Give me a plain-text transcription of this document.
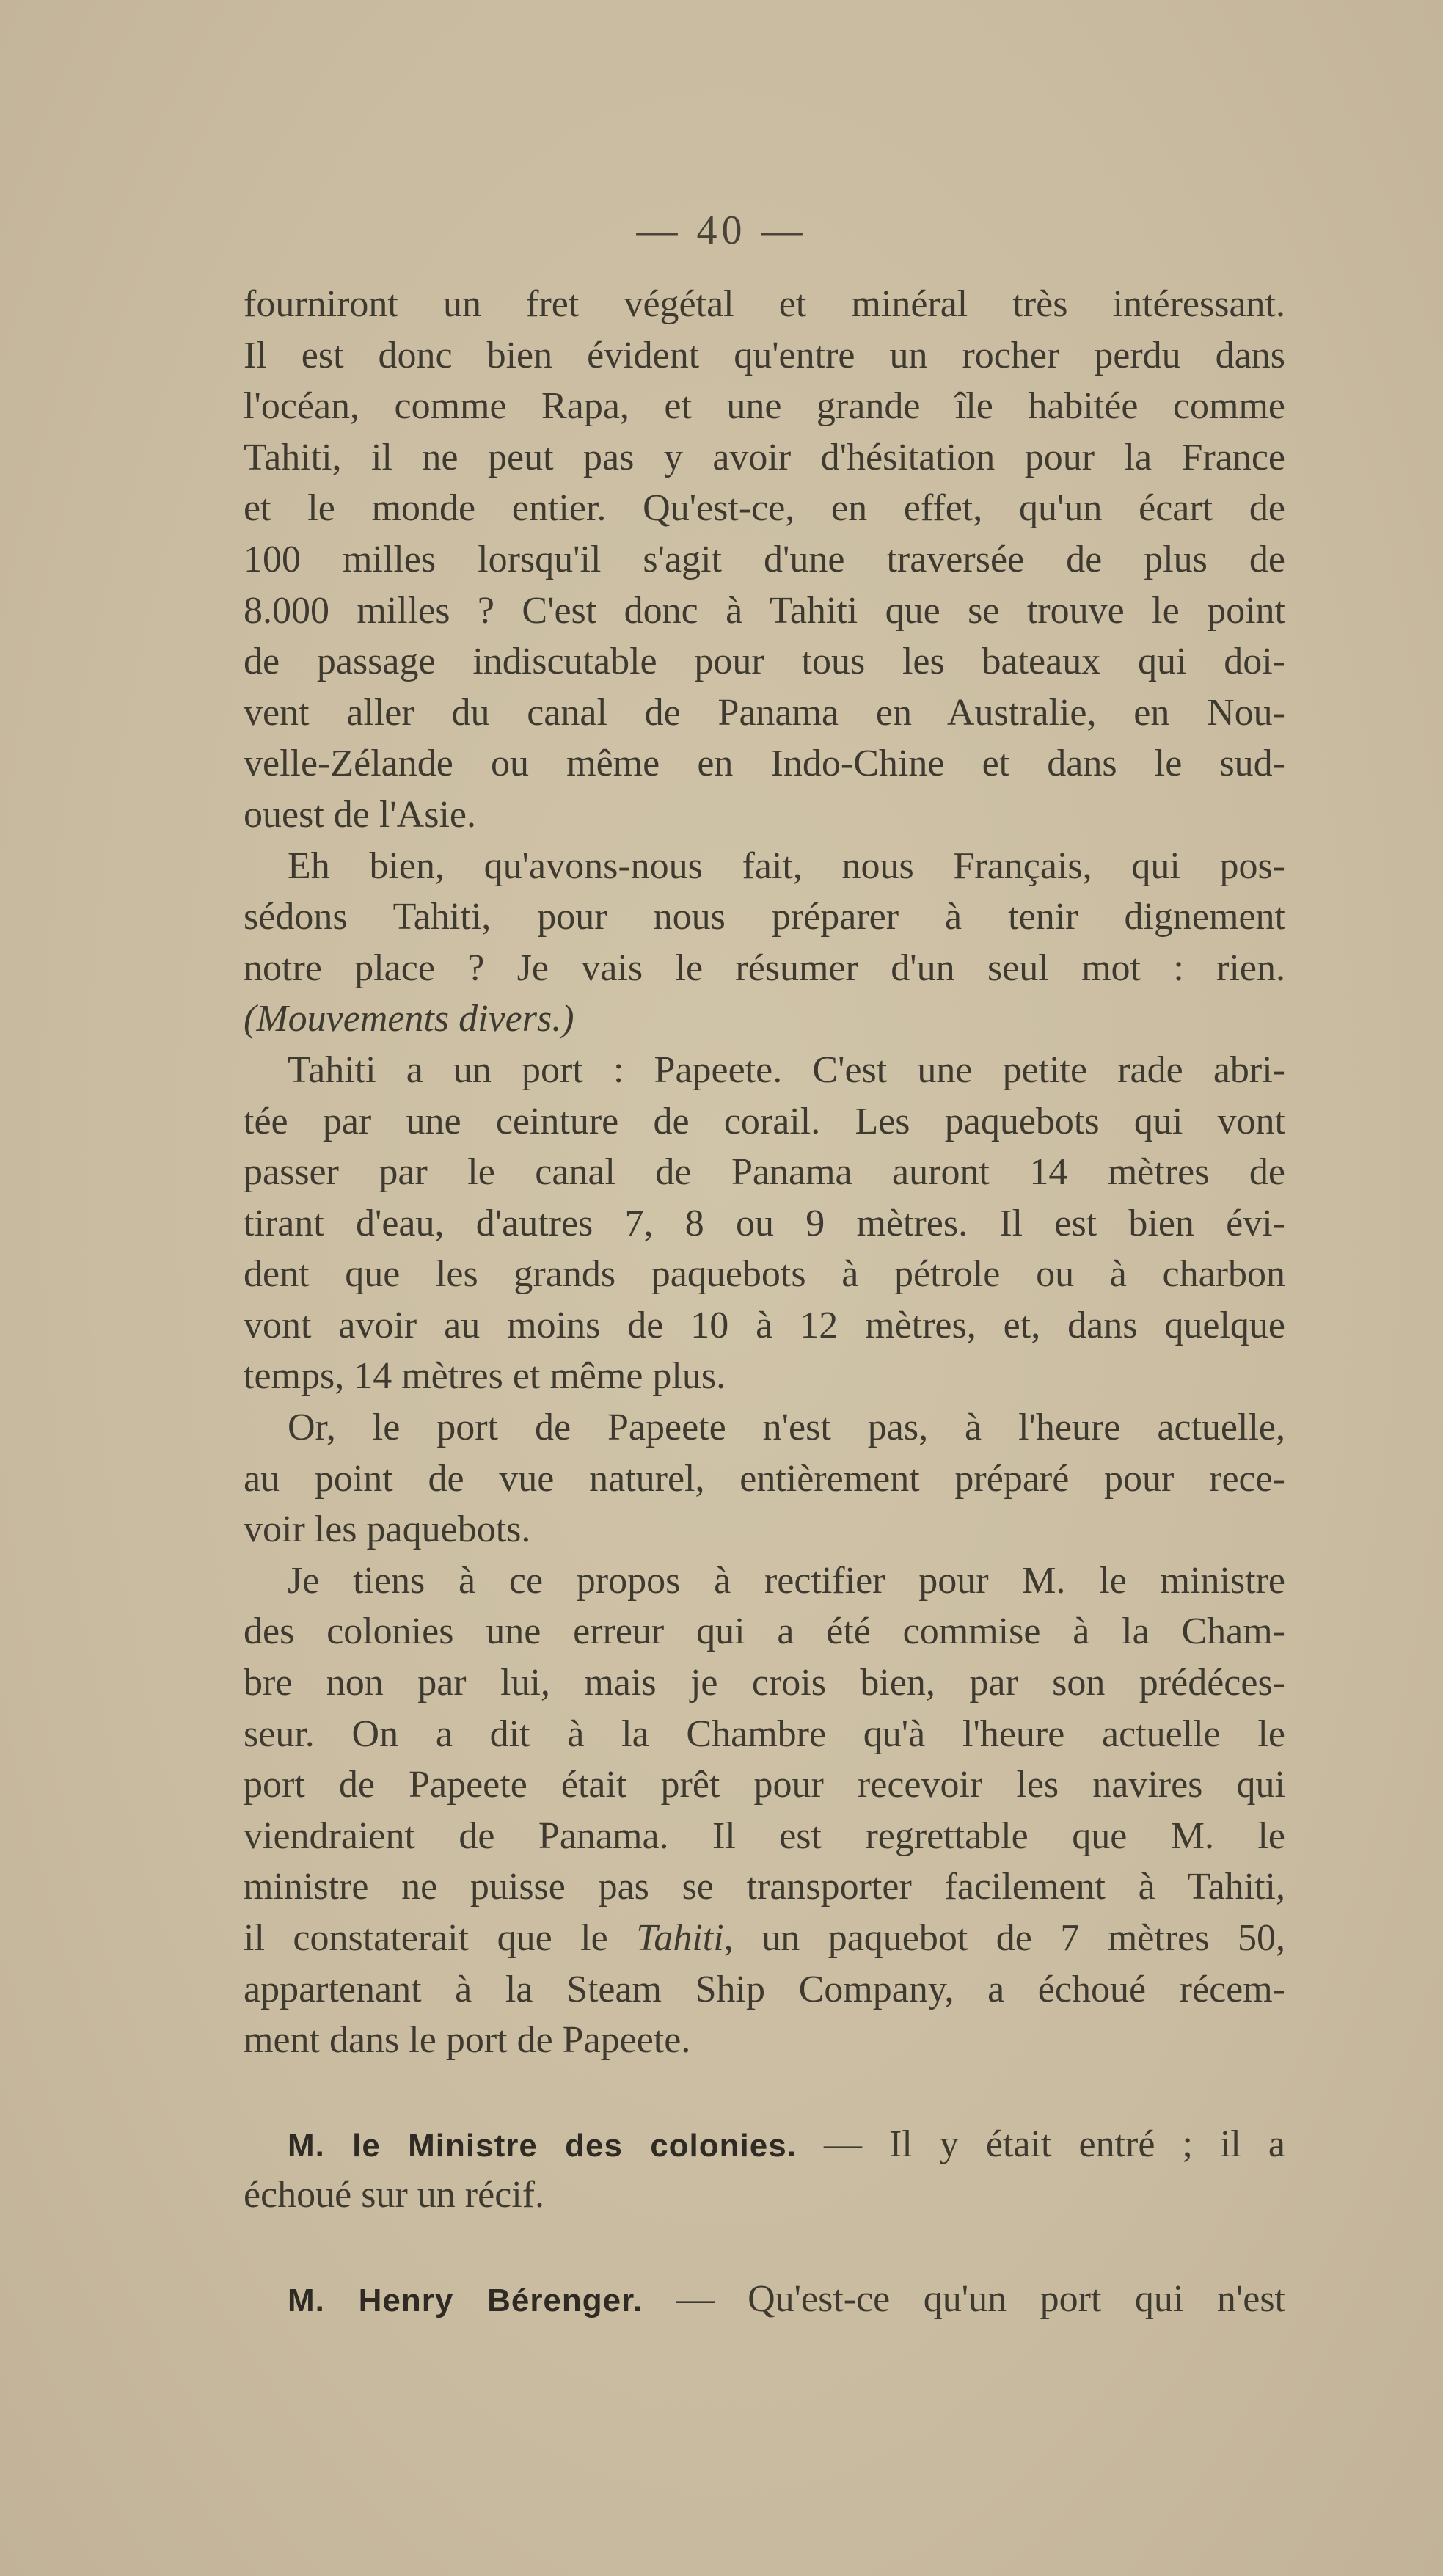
— 40 —
fourniront un fret végétal et minéral très intéressant.
Il est donc bien évident qu'entre un rocher perdu dans
l'océan, comme Rapa, et une grande île habitée comme
Tahiti, il ne peut pas y avoir d'hésitation pour la France
et le monde entier. Qu'est-ce, en effet, qu'un écart de
100 milles lorsqu'il s'agit d'une traversée de plus de
8.000 milles ? C'est donc à Tahiti que se trouve le point
de passage indiscutable pour tous les bateaux qui doi-
vent aller du canal de Panama en Australie, en Nou-
velle-Zélande ou même en Indo-Chine et dans le sud-
ouest de l'Asie.
Eh bien, qu'avons-nous fait, nous Français, qui pos-
sédons Tahiti, pour nous préparer à tenir dignement
notre place ? Je vais le résumer d'un seul mot : rien.
(Mouvements divers.)
Tahiti a un port : Papeete. C'est une petite rade abri-
tée par une ceinture de corail. Les paquebots qui vont
passer par le canal de Panama auront 14 mètres de
tirant d'eau, d'autres 7, 8 ou 9 mètres. Il est bien évi-
dent que les grands paquebots à pétrole ou à charbon
vont avoir au moins de 10 à 12 mètres, et, dans quelque
temps, 14 mètres et même plus.
Or, le port de Papeete n'est pas, à l'heure actuelle,
au point de vue naturel, entièrement préparé pour rece-
voir les paquebots.
Je tiens à ce propos à rectifier pour M. le ministre
des colonies une erreur qui a été commise à la Cham-
bre non par lui, mais je crois bien, par son prédéces-
seur. On a dit à la Chambre qu'à l'heure actuelle le
port de Papeete était prêt pour recevoir les navires qui
viendraient de Panama. Il est regrettable que M. le
ministre ne puisse pas se transporter facilement à Tahiti,
il constaterait que le Tahiti, un paquebot de 7 mètres 50,
appartenant à la Steam Ship Company, a échoué récem-
ment dans le port de Papeete.
M. le Ministre des colonies. — Il y était entré ; il a
échoué sur un récif.
M. Henry Bérenger. — Qu'est-ce qu'un port qui n'est
